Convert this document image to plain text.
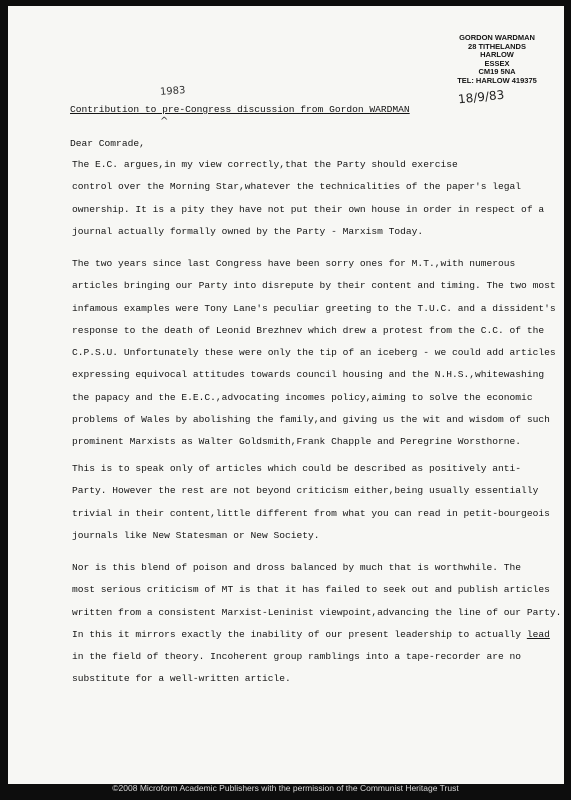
GORDON WARDMAN
28 TITHELANDS
HARLOW
ESSEX
CM19 5NA
TEL: HARLOW 419375
18/9/83
1983
^
Contribution to pre-Congress discussion from Gordon WARDMAN
Dear Comrade,
The E.C. argues,in my view correctly,that the Party should exercise
control over the Morning Star,whatever the technicalities of the paper's legal
ownership. It is a pity they have not put their own house in order in respect of a
journal actually formally owned by the Party - Marxism Today.
The two years since last Congress have been sorry ones for M.T.,with numerous
articles bringing our Party into disrepute by their content and timing. The two most
infamous examples were Tony Lane's peculiar greeting to the T.U.C. and a dissident's
response to the death of Leonid Brezhnev which drew a protest from the C.C. of the
C.P.S.U. Unfortunately these were only the tip of an iceberg - we could add articles
expressing equivocal attitudes towards council housing and the N.H.S.,whitewashing
the papacy and the E.E.C.,advocating incomes policy,aiming to solve the economic
problems of Wales by abolishing the family,and giving us the wit and wisdom of such
prominent Marxists as Walter Goldsmith,Frank Chapple and Peregrine Worsthorne.
This is to speak only of articles which could be described as positively anti-
Party. However the rest are not beyond criticism either,being usually essentially
trivial in their content,little different from what you can read in petit-bourgeois
journals like New Statesman or New Society.
Nor is this blend of poison and dross balanced by much that is worthwhile. The
most serious criticism of MT is that it has failed to seek out and publish articles
written from a consistent Marxist-Leninist viewpoint,advancing the line of our Party.
In this it mirrors exactly the inability of our present leadership to actually lead
in the field of theory. Incoherent group ramblings into a tape-recorder are no
substitute for a well-written article.
©2008 Microform Academic Publishers with the permission of the Communist Heritage Trust
